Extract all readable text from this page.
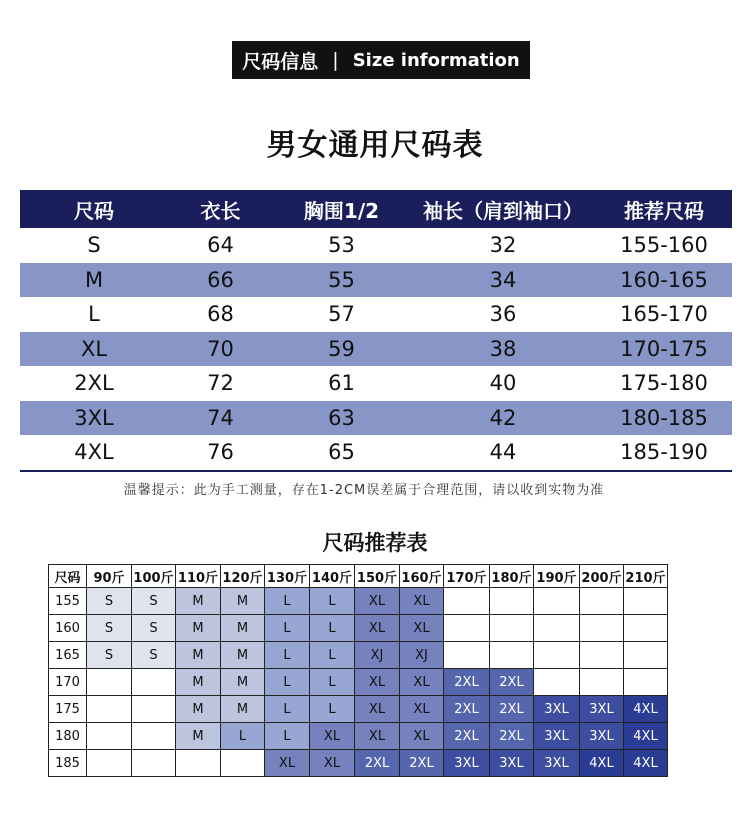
尺码信息 | Size information
男女通用尺码表
尺码	衣长	胸围1/2	袖长（肩到袖口）	推荐尺码
S	64	53	32	155-160
M	66	55	34	160-165
L	68	57	36	165-170
XL	70	59	38	170-175
2XL	72	61	40	175-180
3XL	74	63	42	180-185
4XL	76	65	44	185-190
温馨提示：此为手工测量，存在1-2CM误差属于合理范围，请以收到实物为准
尺码推荐表
尺码	90斤	100斤	110斤	120斤	130斤	140斤	150斤	160斤	170斤	180斤	190斤	200斤	210斤
155	S	S	M	M	L	L	XL	XL					
160	S	S	M	M	L	L	XL	XL					
165	S	S	M	M	L	L	XJ	XJ					
170			M	M	L	L	XL	XL	2XL	2XL			
175			M	M	L	L	XL	XL	2XL	2XL	3XL	3XL	4XL
180			M	L	L	XL	XL	XL	2XL	2XL	3XL	3XL	4XL
185					XL	XL	2XL	2XL	3XL	3XL	3XL	4XL	4XL
